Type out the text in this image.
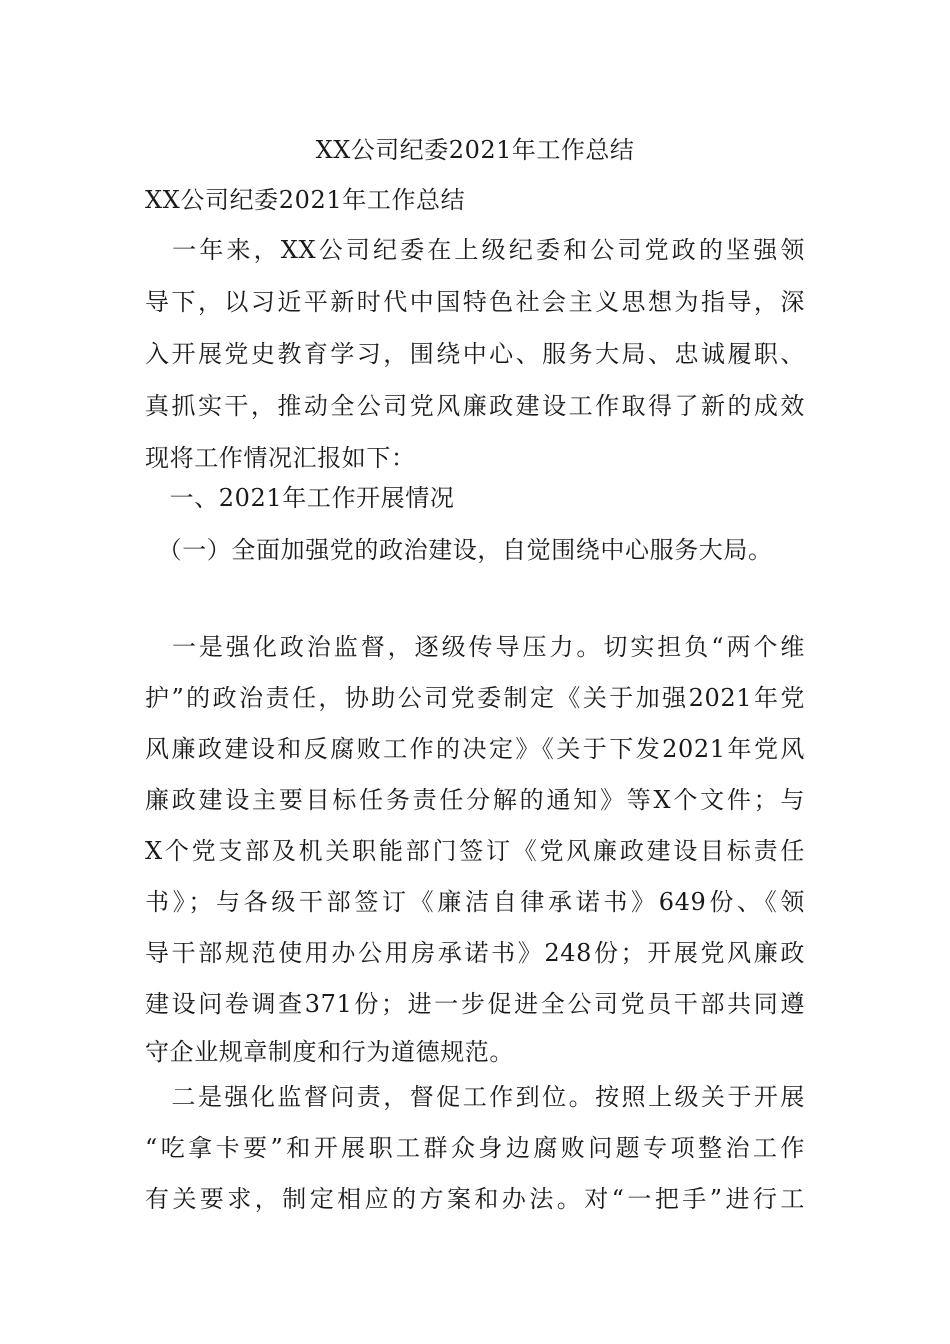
XX公司纪委2021年工作总结
XX公司纪委2021年工作总结
　一年来，XX公司纪委在上级纪委和公司党政的坚强领
导下，以习近平新时代中国特色社会主义思想为指导，深
入开展党史教育学习，围绕中心、服务大局、忠诚履职、
真抓实干，推动全公司党风廉政建设工作取得了新的成效
现将工作情况汇报如下：
　一、2021年工作开展情况
　（一）全面加强党的政治建设，自觉围绕中心服务大局。
　一是强化政治监督，逐级传导压力。切实担负“两个维
护”的政治责任，协助公司党委制定《关于加强2021年党
风廉政建设和反腐败工作的决定》《关于下发2021年党风
廉政建设主要目标任务责任分解的通知》等X个文件；与
X个党支部及机关职能部门签订《党风廉政建设目标责任
书》；与各级干部签订《廉洁自律承诺书》649份、《领
导干部规范使用办公用房承诺书》248份；开展党风廉政
建设问卷调查371份；进一步促进全公司党员干部共同遵
守企业规章制度和行为道德规范。
　二是强化监督问责，督促工作到位。按照上级关于开展
“吃拿卡要”和开展职工群众身边腐败问题专项整治工作
有关要求，制定相应的方案和办法。对“一把手”进行工
